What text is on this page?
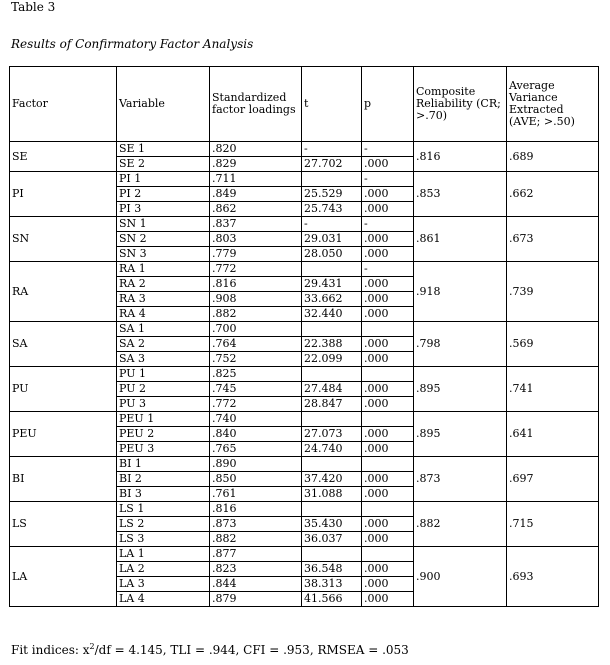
Table 3
Results of Confirmatory Factor Analysis
Factor	Variable	Standardized factor loadings	t	p	Composite Reliability (CR; >.70)	Average Variance Extracted (AVE; >.50)
SE	SE 1	.820	-	-	.816	.689
	SE 2	.829	27.702	.000		
PI	PI 1	.711		-	.853	.662
	PI 2	.849	25.529	.000		
	PI 3	.862	25.743	.000		
SN	SN 1	.837	-	-	.861	.673
	SN 2	.803	29.031	.000		
	SN 3	.779	28.050	.000		
RA	RA 1	.772		-	.918	.739
	RA 2	.816	29.431	.000		
	RA 3	.908	33.662	.000		
	RA 4	.882	32.440	.000		
SA	SA 1	.700			.798	.569
	SA 2	.764	22.388	.000		
	SA 3	.752	22.099	.000		
PU	PU 1	.825			.895	.741
	PU 2	.745	27.484	.000		
	PU 3	.772	28.847	.000		
PEU	PEU 1	.740			.895	.641
	PEU 2	.840	27.073	.000		
	PEU 3	.765	24.740	.000		
BI	BI 1	.890			.873	.697
	BI 2	.850	37.420	.000		
	BI 3	.761	31.088	.000		
LS	LS 1	.816			.882	.715
	LS 2	.873	35.430	.000		
	LS 3	.882	36.037	.000		
LA	LA 1	.877			.900	.693
	LA 2	.823	36.548	.000		
	LA 3	.844	38.313	.000		
	LA 4	.879	41.566	.000		
Fit indices: $x^2/df = 4.145$, TLI = .944, CFI = .953, RMSEA = .053
